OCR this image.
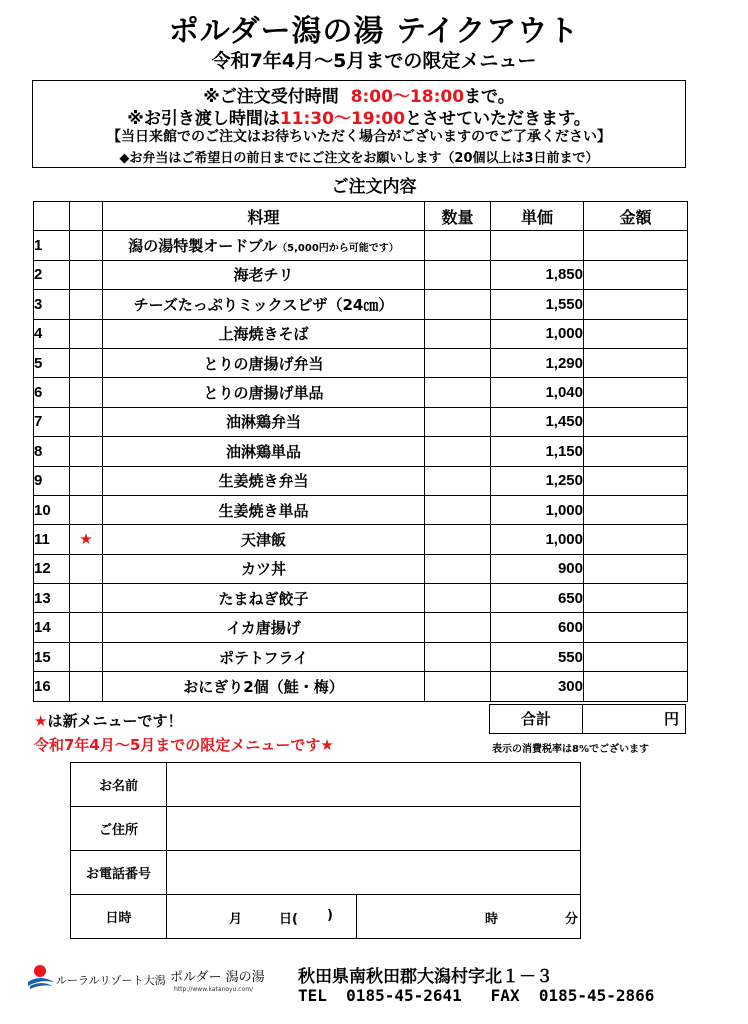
ポルダー潟の湯 テイクアウト
令和7年4月～5月までの限定メニュー
※ご注文受付時間 8:00～18:00まで。
※お引き渡し時間は11:30～19:00とさせていただきます。
【当日来館でのご注文はお待ちいただく場合がございますのでご了承ください】
◆お弁当はご希望日の前日までにご注文をお願いします（20個以上は3日前まで）
ご注文内容
		料理	数量	単価	金額
1		潟の湯特製オードブル（5,000円から可能です）			
2		海老チリ		1,850	
3		チーズたっぷりミックスピザ（24㎝）		1,550	
4		上海焼きそば		1,000	
5		とりの唐揚げ弁当		1,290	
6		とりの唐揚げ単品		1,040	
7		油淋鶏弁当		1,450	
8		油淋鶏単品		1,150	
9		生姜焼き弁当		1,250	
10		生姜焼き単品		1,000	
11	★	天津飯		1,000	
12		カツ丼		900	
13		たまねぎ餃子		650	
14		イカ唐揚げ		600	
15		ポテトフライ		550	
16		おにぎり2個（鮭・梅）		300	
合計	円
★は新メニューです！
令和7年4月～5月までの限定メニューです★	表示の消費税率は8%でございます
お名前		
ご住所		
お電話番号		
日時	月 日( )	時 分
ルーラルリゾート大潟 ポルダー 潟の湯
http://www.katanoyu.com/
秋田県南秋田郡大潟村字北１－３
TEL 0185-45-2641 FAX 0185-45-2866
